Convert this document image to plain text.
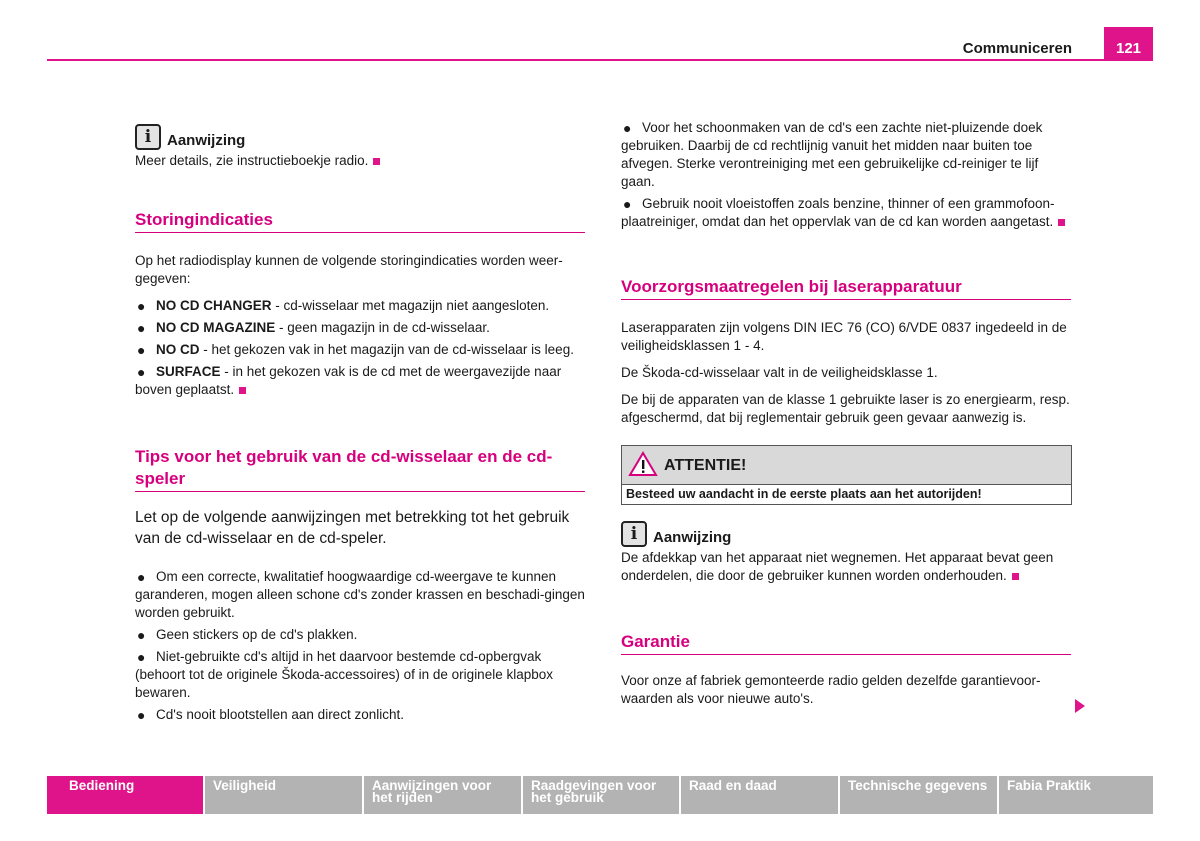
Communiceren	121
i Aanwijzing

Meer details, zie instructieboekje radio.

Storingindicaties

Op het radiodisplay kunnen de volgende storingindicaties worden weer-gegeven:

● NO CD CHANGER - cd-wisselaar met magazijn niet aangesloten.
● NO CD MAGAZINE - geen magazijn in de cd-wisselaar.
● NO CD - het gekozen vak in het magazijn van de cd-wisselaar is leeg.
● SURFACE - in het gekozen vak is de cd met de weergavezijde naar boven geplaatst.
Tips voor het gebruik van de cd-wisselaar en de cd-speler

Let op de volgende aanwijzingen met betrekking tot het gebruik van de cd-wisselaar en de cd-speler.

● Om een correcte, kwalitatief hoogwaardige cd-weergave te kunnen garanderen, mogen alleen schone cd's zonder krassen en beschadi-gingen worden gebruikt.
● Geen stickers op de cd's plakken.
● Niet-gebruikte cd's altijd in het daarvoor bestemde cd-opbergvak (behoort tot de originele Škoda-accessoires) of in de originele klapbox bewaren.
● Cd's nooit blootstellen aan direct zonlicht.
● Voor het schoonmaken van de cd's een zachte niet-pluizende doek gebruiken. Daarbij de cd rechtlijnig vanuit het midden naar buiten toe afvegen. Sterke verontreiniging met een gebruikelijke cd-reiniger te lijf gaan.
● Gebruik nooit vloeistoffen zoals benzine, thinner of een grammofoon-plaatreiniger, omdat dan het oppervlak van de cd kan worden aangetast.
Voorzorgsmaatregelen bij laserapparatuur

Laserapparaten zijn volgens DIN IEC 76 (CO) 6/VDE 0837 ingedeeld in de veiligheidsklassen 1 - 4.

De Škoda-cd-wisselaar valt in de veiligheidsklasse 1.

De bij de apparaten van de klasse 1 gebruikte laser is zo energiearm, resp. afgeschermd, dat bij reglementair gebruik geen gevaar aanwezig is.

ATTENTIE!
Besteed uw aandacht in de eerste plaats aan het autorijden!
i Aanwijzing

De afdekkap van het apparaat niet wegnemen. Het apparaat bevat geen onderdelen, die door de gebruiker kunnen worden onderhouden.

Garantie

Voor onze af fabriek gemonteerde radio gelden dezelfde garantievoor-waarden als voor nieuwe auto's.

Bediening	Veiligheid	Aanwijzingen voor het rijden
Raadgevingen voor het gebruik
Raad en daad	Technische gegevens	Fabia Praktik
